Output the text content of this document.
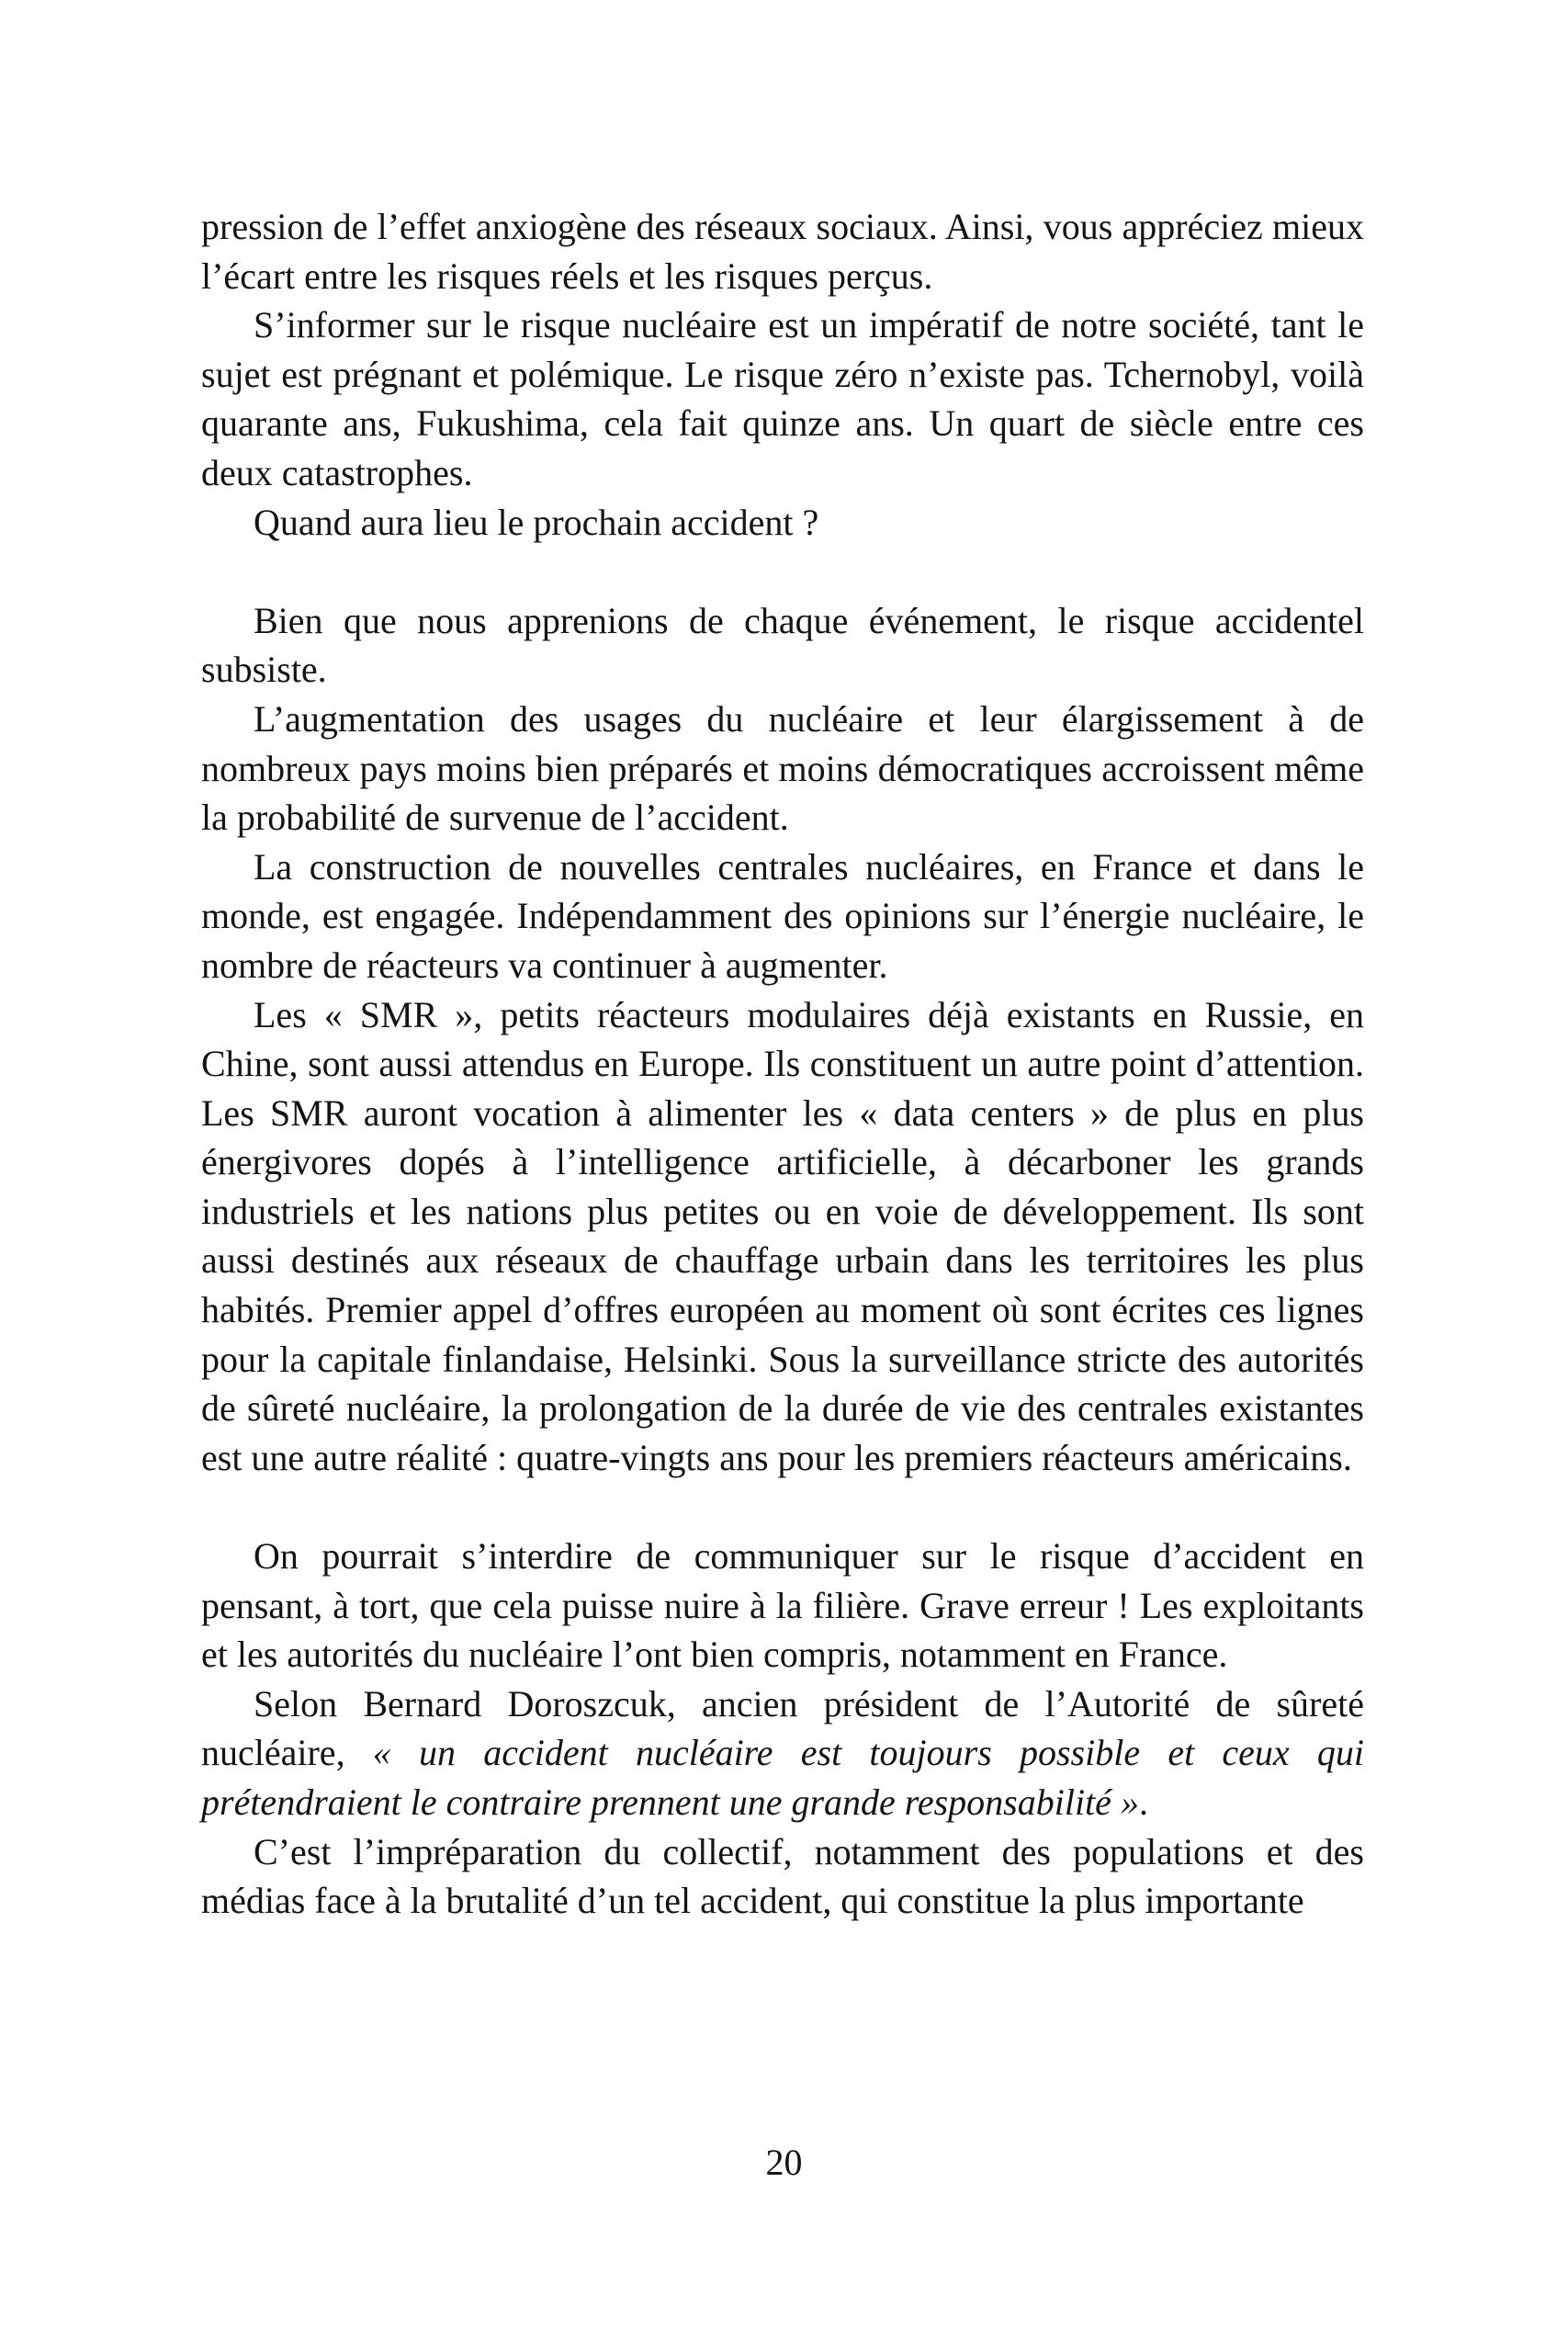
pression de l’effet anxiogène des réseaux sociaux. Ainsi, vous appréciez mieux l’écart entre les risques réels et les risques perçus.

S’informer sur le risque nucléaire est un impératif de notre société, tant le sujet est prégnant et polémique. Le risque zéro n’existe pas. Tchernobyl, voilà quarante ans, Fukushima, cela fait quinze ans. Un quart de siècle entre ces deux catastrophes.

Quand aura lieu le prochain accident ?

Bien que nous apprenions de chaque événement, le risque accidentel subsiste.

L’augmentation des usages du nucléaire et leur élargissement à de nombreux pays moins bien préparés et moins démocratiques accroissent même la probabilité de survenue de l’accident.

La construction de nouvelles centrales nucléaires, en France et dans le monde, est engagée. Indépendamment des opinions sur l’énergie nucléaire, le nombre de réacteurs va continuer à augmenter.

Les « SMR », petits réacteurs modulaires déjà existants en Russie, en Chine, sont aussi attendus en Europe. Ils constituent un autre point d’attention. Les SMR auront vocation à alimenter les « data centers » de plus en plus énergivores dopés à l’intelligence artificielle, à décarboner les grands industriels et les nations plus petites ou en voie de développement. Ils sont aussi destinés aux réseaux de chauffage urbain dans les territoires les plus habités. Premier appel d’offres européen au moment où sont écrites ces lignes pour la capitale finlandaise, Helsinki. Sous la surveillance stricte des autorités de sûreté nucléaire, la prolongation de la durée de vie des centrales existantes est une autre réalité : quatre-vingts ans pour les premiers réacteurs américains.

On pourrait s’interdire de communiquer sur le risque d’accident en pensant, à tort, que cela puisse nuire à la filière. Grave erreur ! Les exploitants et les autorités du nucléaire l’ont bien compris, notamment en France.

Selon Bernard Doroszcuk, ancien président de l’Autorité de sûreté nucléaire, « un accident nucléaire est toujours possible et ceux qui prétendraient le contraire prennent une grande responsabilité ».

C’est l’impréparation du collectif, notamment des populations et des médias face à la brutalité d’un tel accident, qui constitue la plus importante

20
